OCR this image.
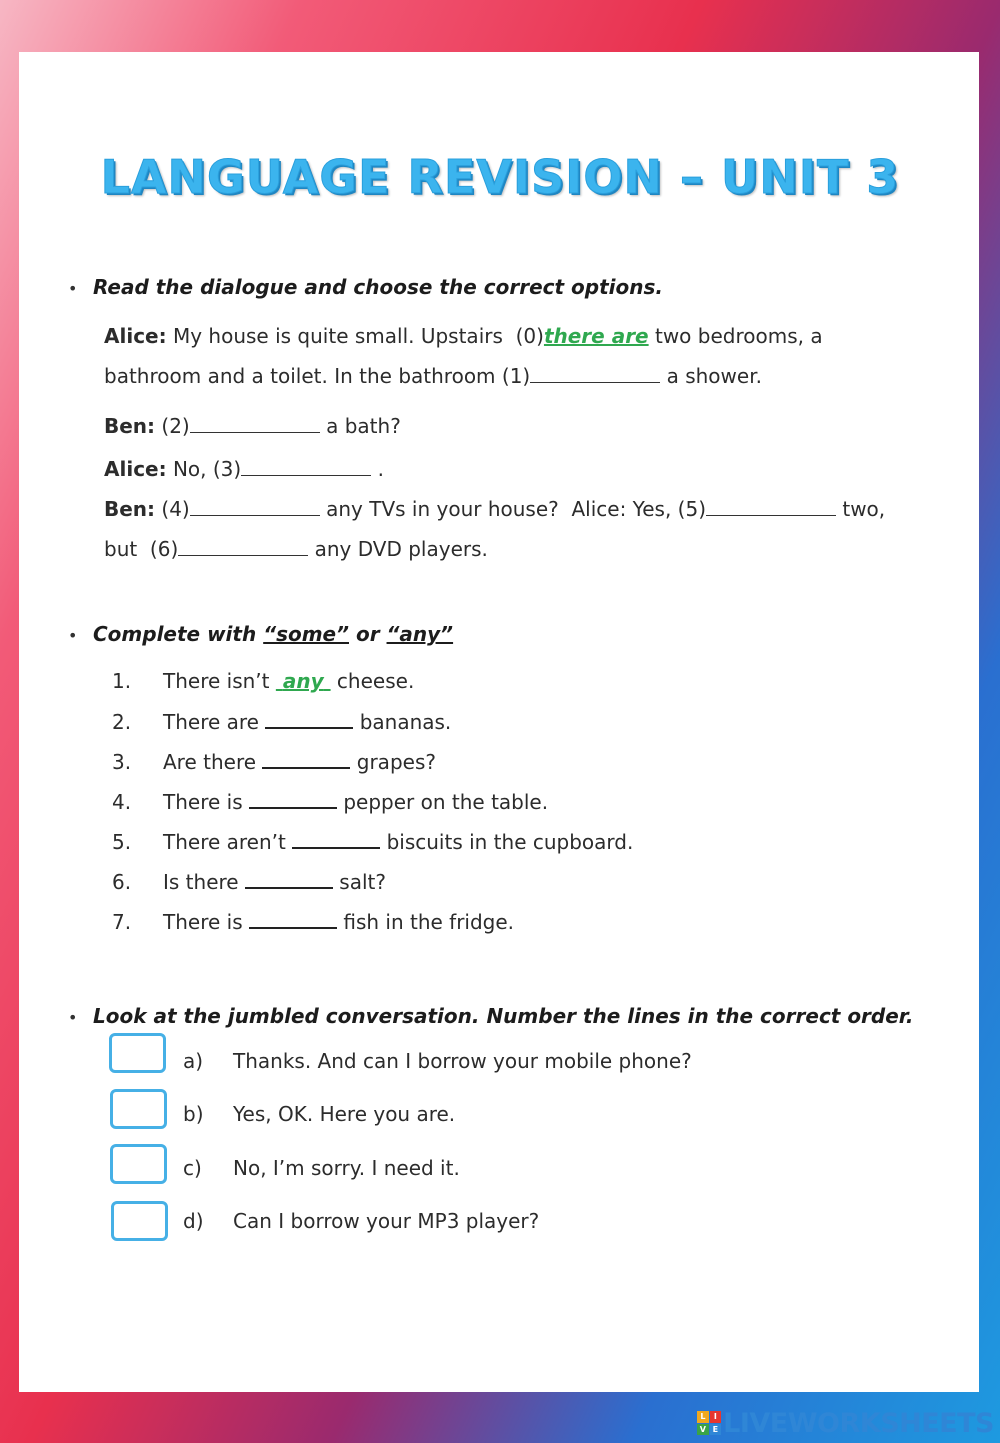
LANGUAGE REVISION – UNIT 3
• Read the dialogue and choose the correct options.
Alice: My house is quite small. Upstairs  (0)there are two bedrooms, a
bathroom and a toilet. In the bathroom (1)	a shower.
Ben: (2)	a bath?
Alice: No, (3)	.
Ben: (4)	any TVs in your house?  Alice: Yes, (5)	two,
but  (6)	any DVD players.
• Complete with “some” or “any”
1. There isn’t  any  cheese.
2. There are	bananas.
3. Are there	grapes?
4. There is	pepper on the table.
5. There aren’t	biscuits in the cupboard.
6. Is there	salt?
7. There is	fish in the fridge.
• Look at the jumbled conversation. Number the lines in the correct order.
a) Thanks. And can I borrow your mobile phone?
b) Yes, OK. Here you are.
c) No, I’m sorry. I need it.
d) Can I borrow your MP3 player?
L	I
V E LIVEWORKSHEETS
